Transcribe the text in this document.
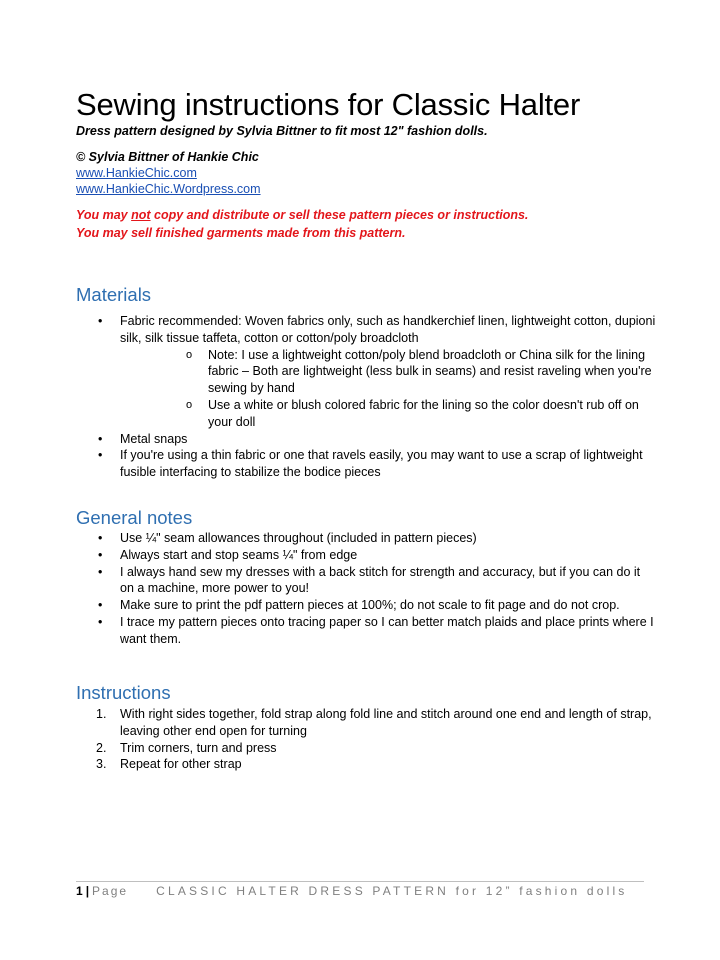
Sewing instructions for Classic Halter
Dress pattern designed by Sylvia Bittner to fit most 12" fashion dolls.
© Sylvia Bittner of Hankie Chic
www.HankieChic.com
www.HankieChic.Wordpress.com
You may not copy and distribute or sell these pattern pieces or instructions.
You may sell finished garments made from this pattern.
Materials
• Fabric recommended: Woven fabrics only, such as handkerchief linen, lightweight cotton, dupioni silk, silk tissue taffeta, cotton or cotton/poly broadcloth
o Note: I use a lightweight cotton/poly blend broadcloth or China silk for the lining fabric – Both are lightweight (less bulk in seams) and resist raveling when you're sewing by hand
o Use a white or blush colored fabric for the lining so the color doesn't rub off on your doll
• Metal snaps
• If you're using a thin fabric or one that ravels easily, you may want to use a scrap of lightweight fusible interfacing to stabilize the bodice pieces
General notes
• Use ¼" seam allowances throughout (included in pattern pieces)
• Always start and stop seams ¼" from edge
• I always hand sew my dresses with a back stitch for strength and accuracy, but if you can do it on a machine, more power to you!
• Make sure to print the pdf pattern pieces at 100%; do not scale to fit page and do not crop.
• I trace my pattern pieces onto tracing paper so I can better match plaids and place prints where I want them.
Instructions
1. With right sides together, fold strap along fold line and stitch around one end and length of strap, leaving other end open for turning
2. Trim corners, turn and press
3. Repeat for other strap
1 | Page CLASSIC HALTER DRESS PATTERN for 12” fashion dolls
